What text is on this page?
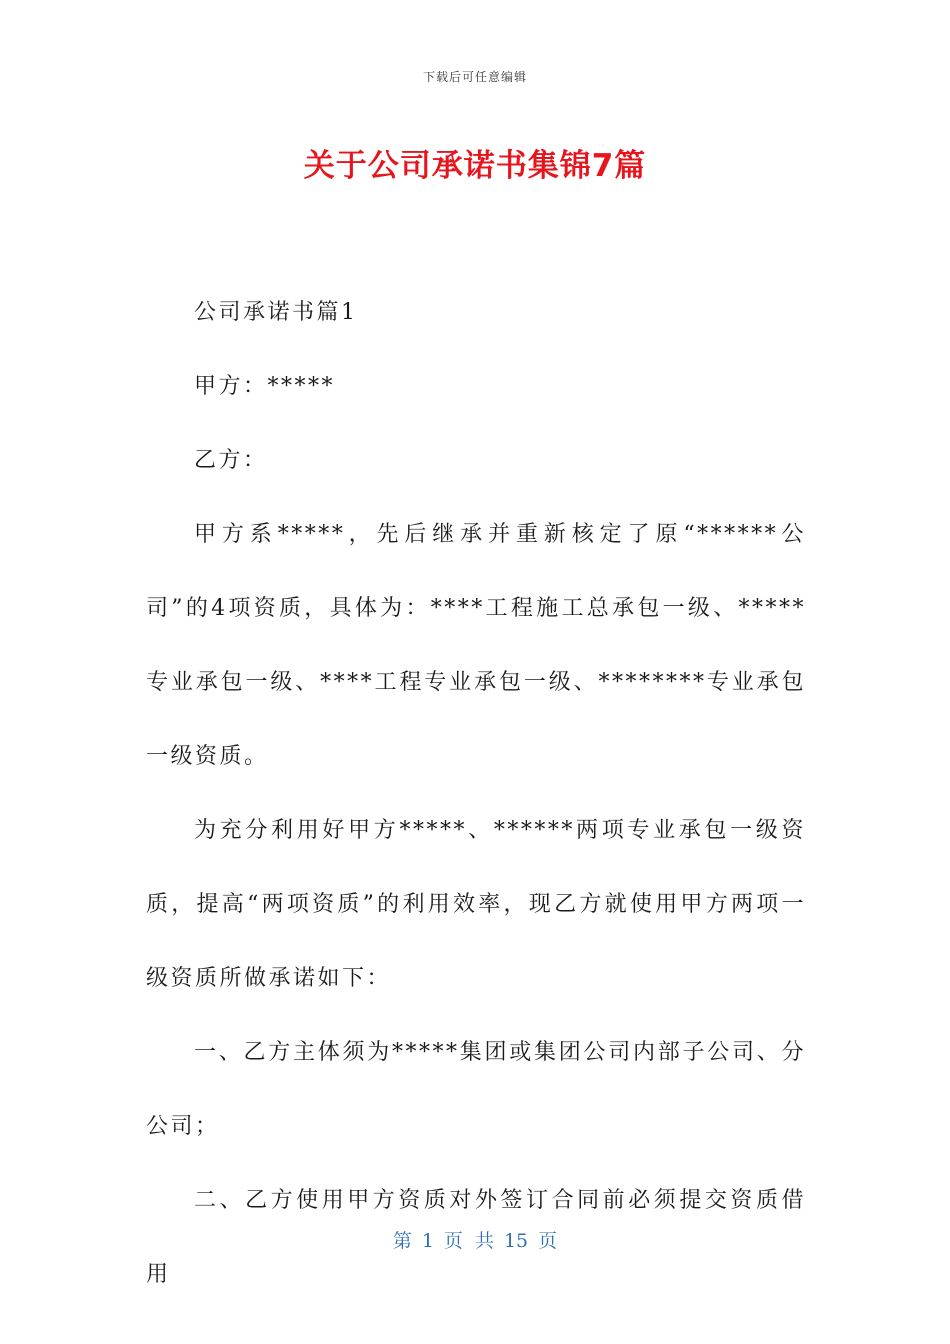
下载后可任意编辑
关于公司承诺书集锦7篇

公司承诺书篇1

甲方：*****

乙方：

甲方系*****，先后继承并重新核定了原“******公司”的4项资质，具体为：****工程施工总承包一级、*****专业承包一级、****工程专业承包一级、********专业承包一级资质。

为充分利用好甲方*****、******两项专业承包一级资质，提高“两项资质”的利用效率，现乙方就使用甲方两项一级资质所做承诺如下：

一、乙方主体须为*****集团或集团公司内部子公司、分公司；

二、乙方使用甲方资质对外签订合同前必须提交资质借用

第 1 页 共 15 页
